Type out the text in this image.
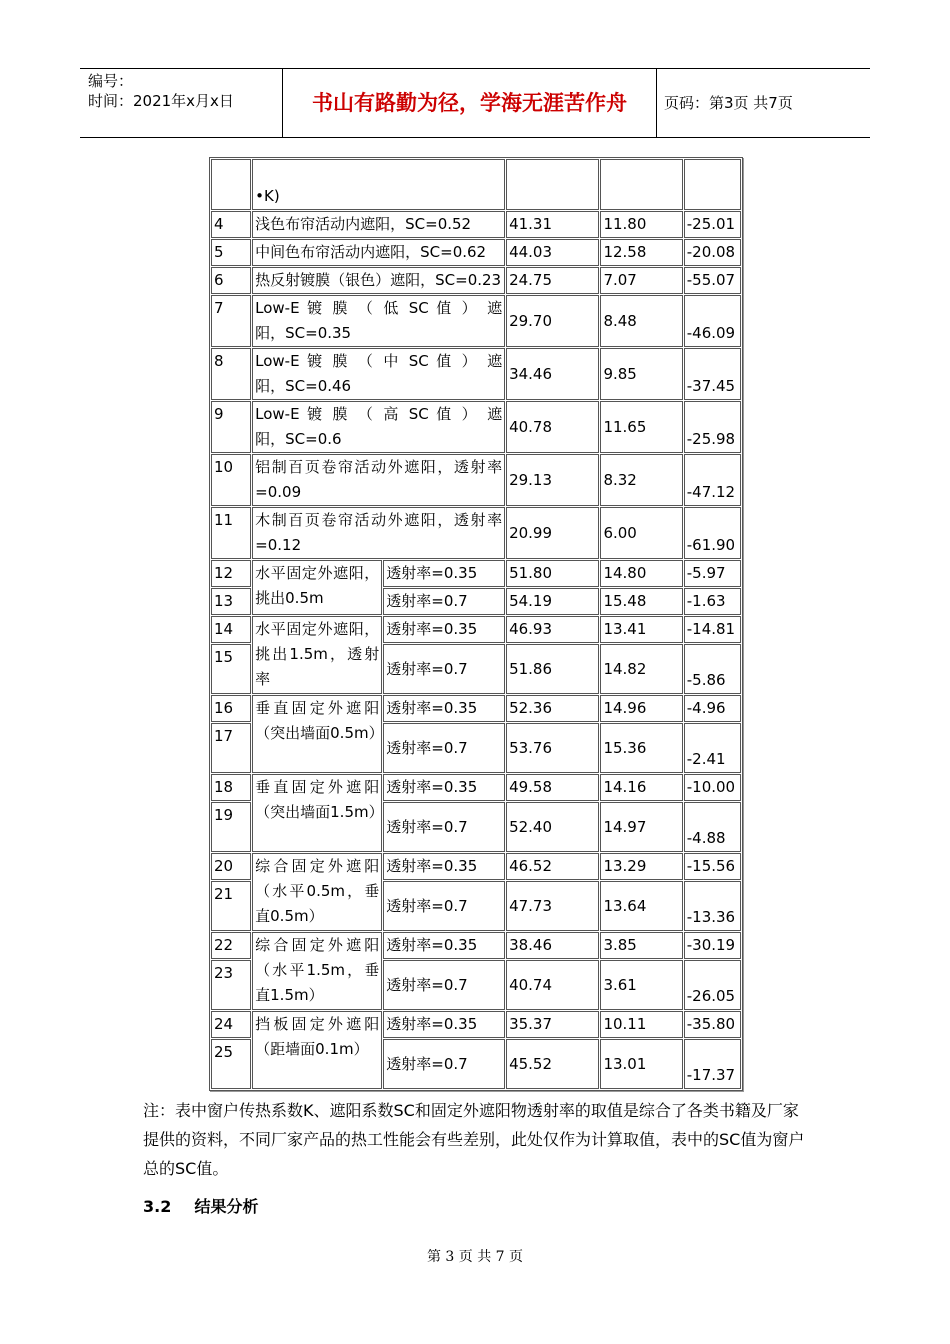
编号：
时间：2021年x月x日	书山有路勤为径，学海无涯苦作舟	页码：第3页 共7页
	•K)				
4	浅色布帘活动内遮阳，SC=0.52		41.31	11.80	-25.01
5	中间色布帘活动内遮阳，SC=0.62		44.03	12.58	-20.08
6	热反射镀膜（银色）遮阳，SC=0.23		24.75	7.07	-55.07
7	Low-E 镀 膜 （ 低 SC 值 ） 遮
阳，SC=0.35		29.70	8.48	-46.09
8	Low-E 镀 膜 （ 中 SC 值 ） 遮
阳，SC=0.46		34.46	9.85	-37.45
9	Low-E 镀 膜 （ 高 SC 值 ） 遮
阳，SC=0.6		40.78	11.65	-25.98
10	铝制百页卷帘活动外遮阳，透射率
=0.09		29.13	8.32	-47.12
11	木制百页卷帘活动外遮阳，透射率
=0.12		20.99	6.00	-61.90
12	水平固定外遮阳，挑出0.5m	透射率=0.35	51.80	14.80	-5.97
13		透射率=0.7	54.19	15.48	-1.63
14	水平固定外遮阳，挑出1.5m，透射率	透射率=0.35	46.93	13.41	-14.81
15		透射率=0.7	51.86	14.82	-5.86
16	垂直固定外遮阳（突出墙面0.5m）	透射率=0.35	52.36	14.96	-4.96
17		透射率=0.7	53.76	15.36	-2.41
18	垂直固定外遮阳（突出墙面1.5m）	透射率=0.35	49.58	14.16	-10.00
19		透射率=0.7	52.40	14.97	-4.88
20	综合固定外遮阳（水平0.5m，垂直0.5m）	透射率=0.35	46.52	13.29	-15.56
21		透射率=0.7	47.73	13.64	-13.36
22	综合固定外遮阳（水平1.5m，垂直1.5m）	透射率=0.35	38.46	3.85	-30.19
23		透射率=0.7	40.74	3.61	-26.05
24	挡板固定外遮阳（距墙面0.1m）	透射率=0.35	35.37	10.11	-35.80
25		透射率=0.7	45.52	13.01	-17.37
注：表中窗户传热系数K、遮阳系数SC和固定外遮阳物透射率的取值是综合了各类书籍及厂家提供的资料，不同厂家产品的热工性能会有些差别，此处仅作为计算取值，表中的SC值为窗户总的SC值。
3.2 结果分析
第 3 页 共 7 页
